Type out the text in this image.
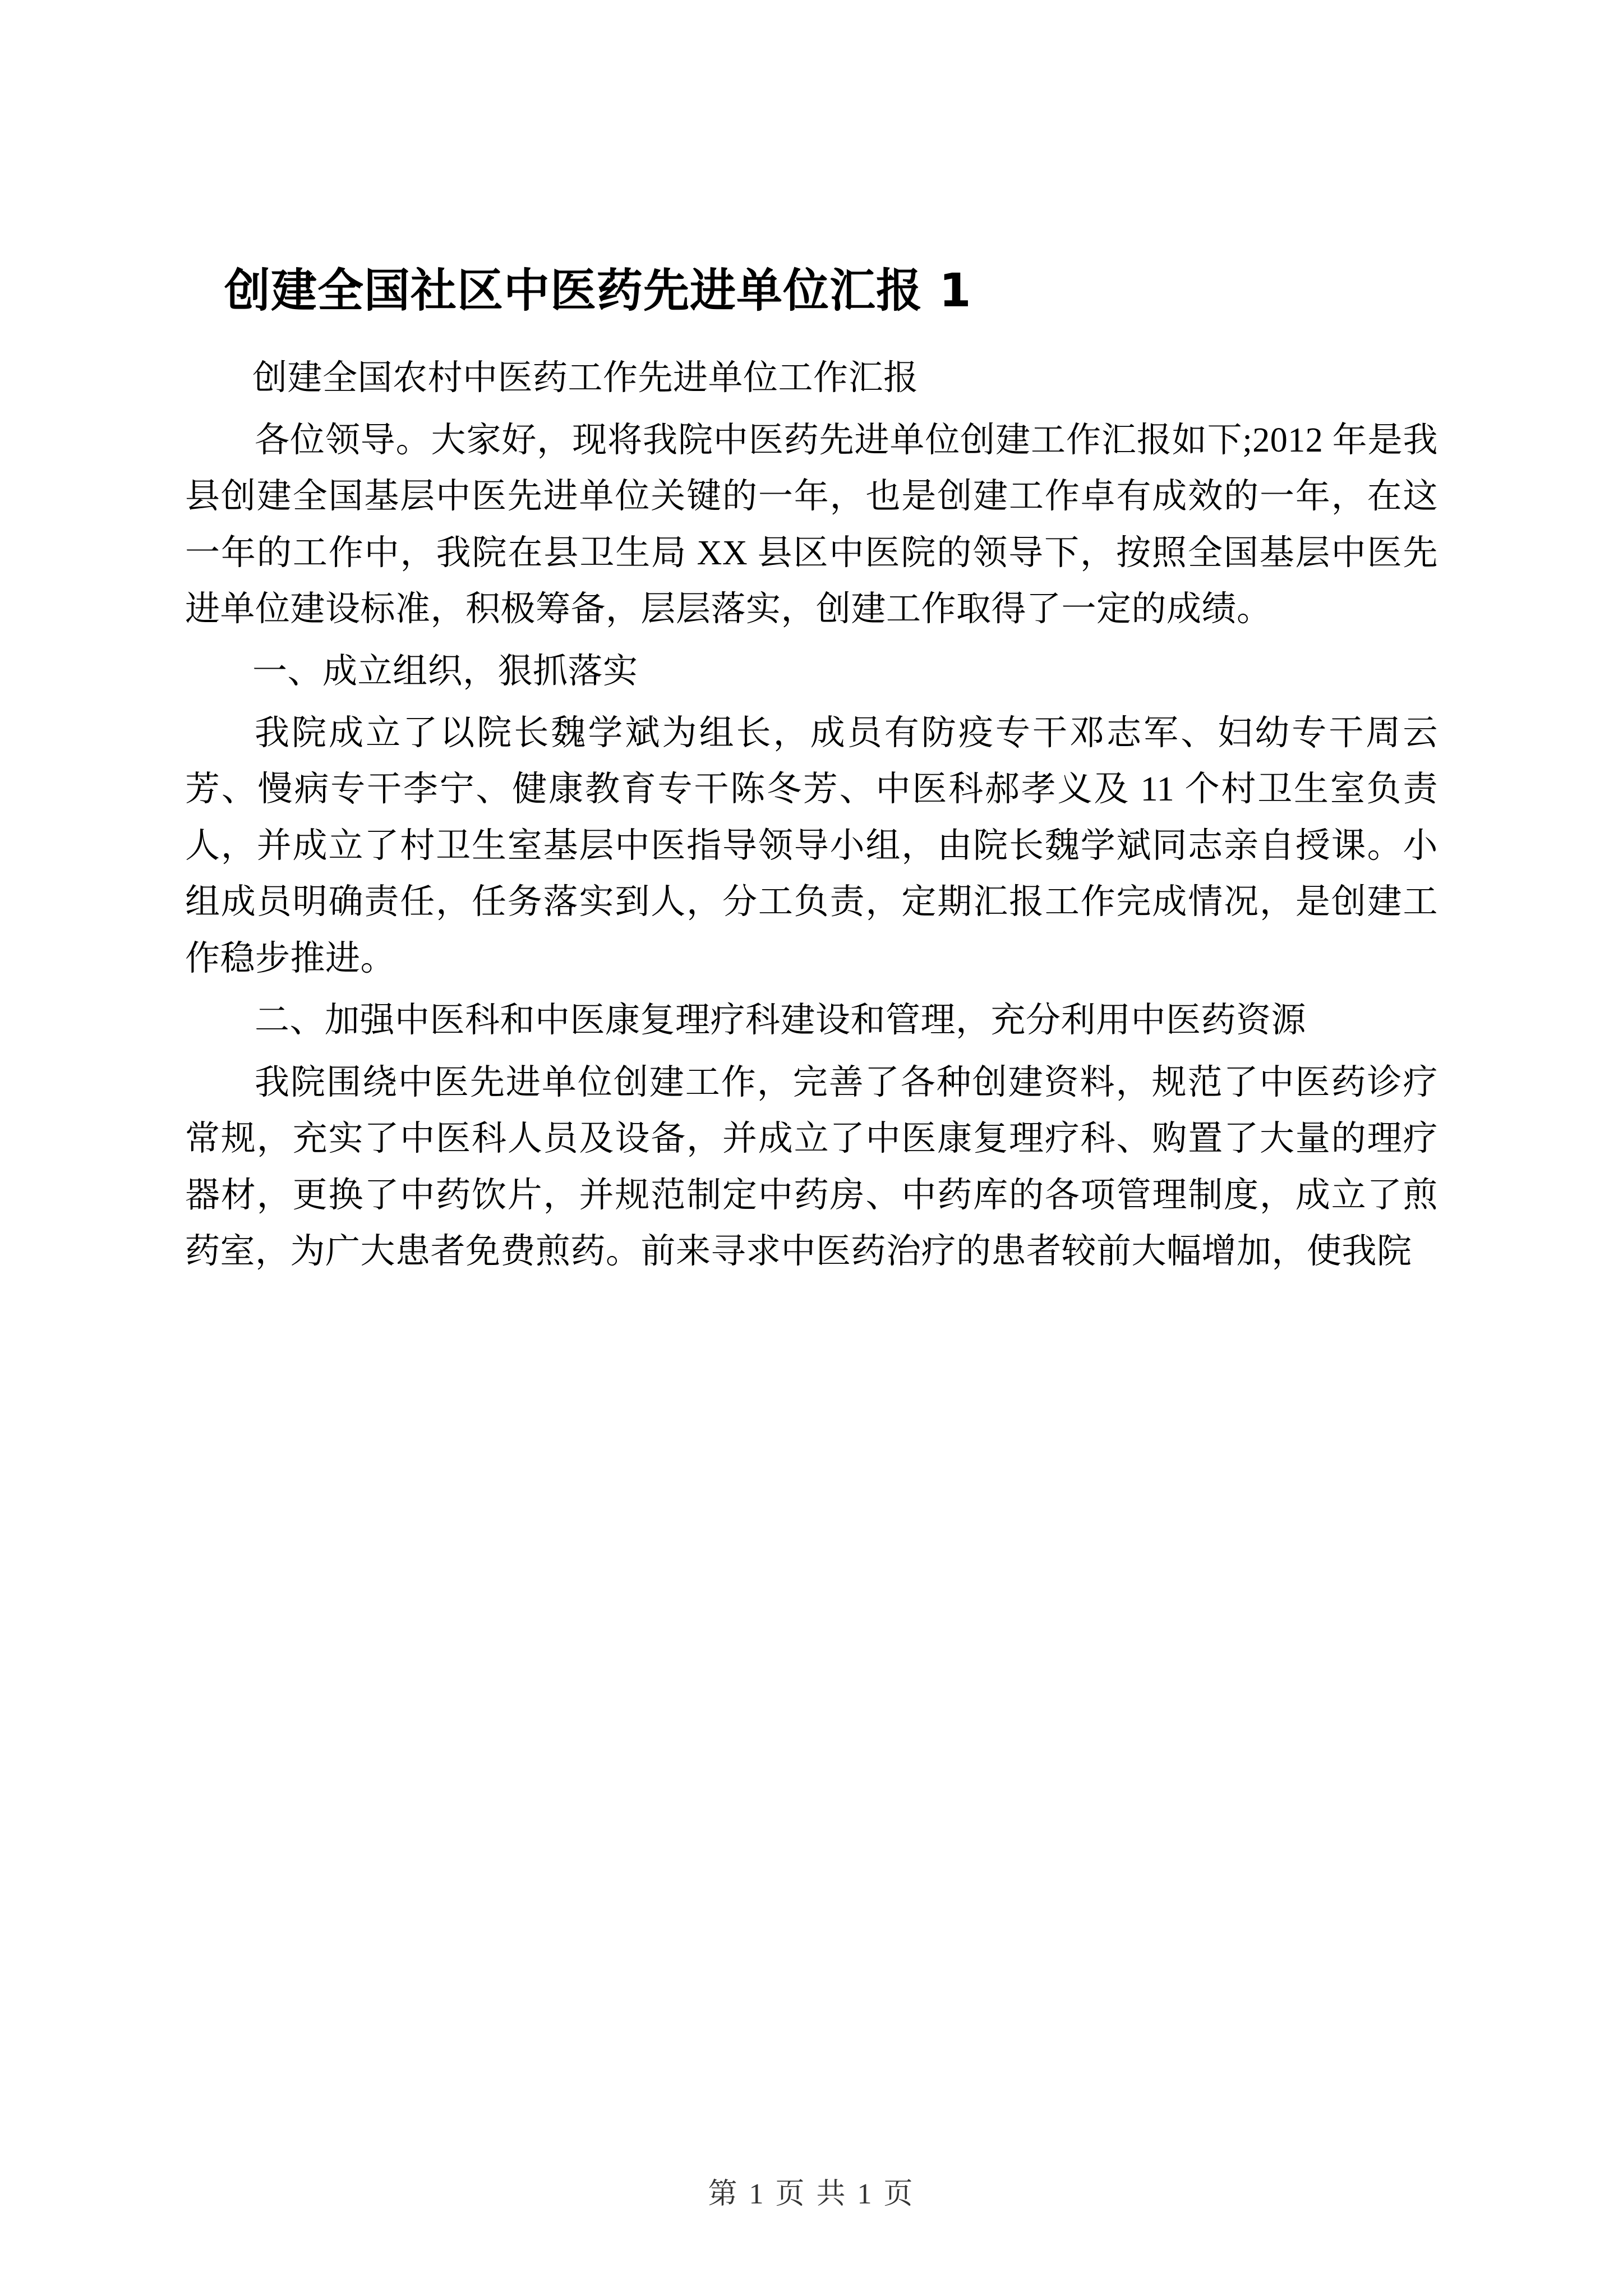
创建全国社区中医药先进单位汇报 1

创建全国农村中医药工作先进单位工作汇报

各位领导。大家好，现将我院中医药先进单位创建工作汇报如下;2012 年是我县创建全国基层中医先进单位关键的一年，也是创建工作卓有成效的一年，在这一年的工作中，我院在县卫生局 XX 县区中医院的领导下，按照全国基层中医先进单位建设标准，积极筹备，层层落实，创建工作取得了一定的成绩。

一、成立组织，狠抓落实

我院成立了以院长魏学斌为组长，成员有防疫专干邓志军、妇幼专干周云芳、慢病专干李宁、健康教育专干陈冬芳、中医科郝孝义及 11 个村卫生室负责人，并成立了村卫生室基层中医指导领导小组，由院长魏学斌同志亲自授课。小组成员明确责任，任务落实到人，分工负责，定期汇报工作完成情况，是创建工作稳步推进。

二、加强中医科和中医康复理疗科建设和管理，充分利用中医药资源

我院围绕中医先进单位创建工作，完善了各种创建资料，规范了中医药诊疗常规，充实了中医科人员及设备，并成立了中医康复理疗科、购置了大量的理疗器材，更换了中药饮片，并规范制定中药房、中药库的各项管理制度，成立了煎药室，为广大患者免费煎药。前来寻求中医药治疗的患者较前大幅增加，使我院

第 1 页 共 1 页
